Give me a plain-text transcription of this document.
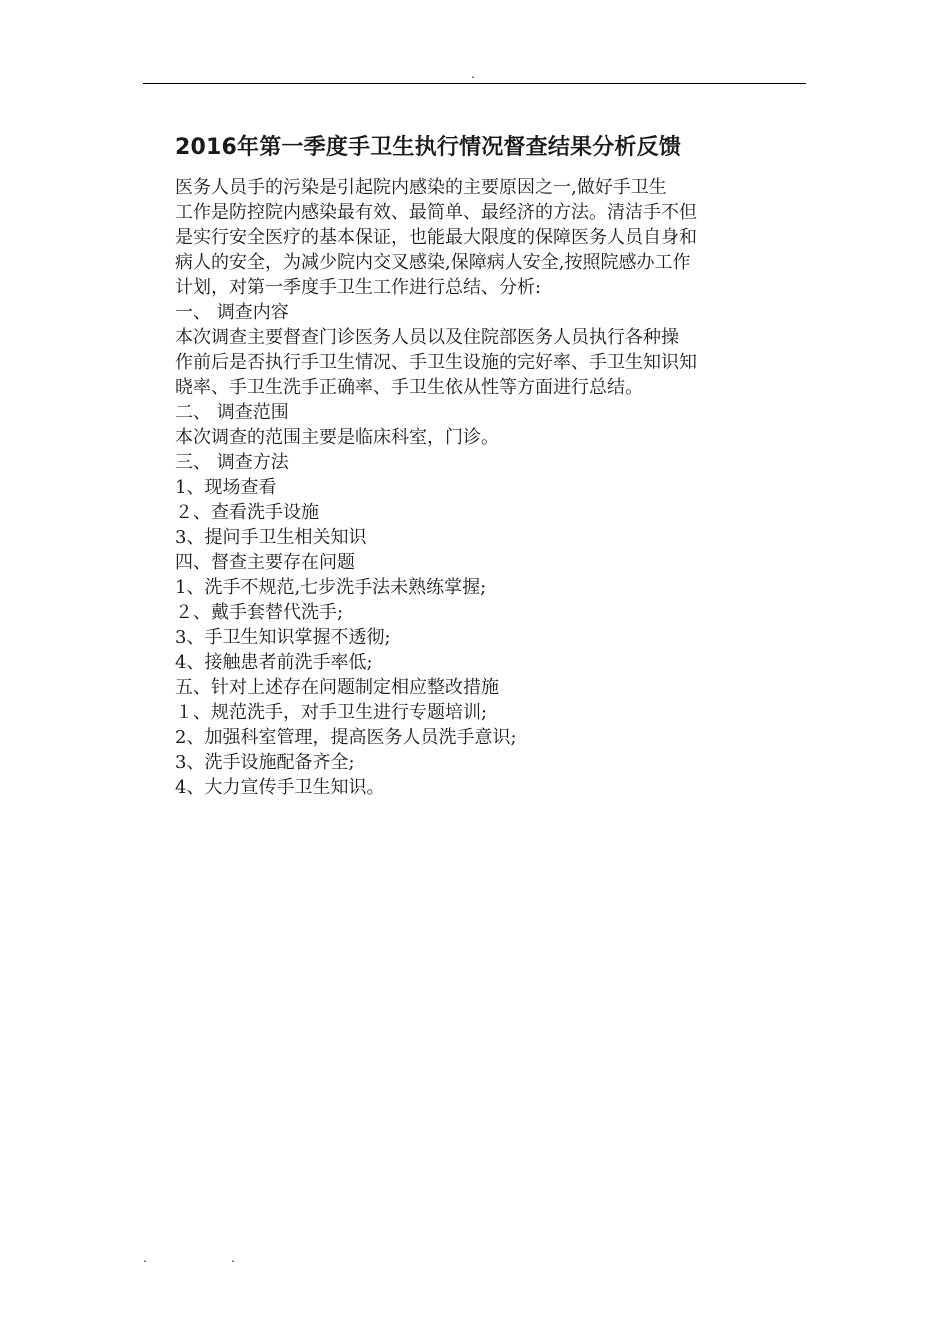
.
2016年第一季度手卫生执行情况督查结果分析反馈

医务人员手的污染是引起院内感染的主要原因之一,做好手卫生

工作是防控院内感染最有效、最简单、最经济的方法。清洁手不但

是实行安全医疗的基本保证，也能最大限度的保障医务人员自身和

病人的安全，为减少院内交叉感染,保障病人安全,按照院感办工作

计划，对第一季度手卫生工作进行总结、分析:

一、 调查内容

本次调查主要督查门诊医务人员以及住院部医务人员执行各种操

作前后是否执行手卫生情况、手卫生设施的完好率、手卫生知识知

晓率、手卫生洗手正确率、手卫生依从性等方面进行总结。

二、 调查范围

本次调查的范围主要是临床科室，门诊。

三、 调查方法

1、现场查看

２、查看洗手设施

3、提问手卫生相关知识

四、督查主要存在问题

1、洗手不规范,七步洗手法未熟练掌握;

２、戴手套替代洗手;

3、手卫生知识掌握不透彻;

4、接触患者前洗手率低;

五、针对上述存在问题制定相应整改措施

１、规范洗手，对手卫生进行专题培训;

2、加强科室管理，提高医务人员洗手意识;

3、洗手设施配备齐全;

4、大力宣传手卫生知识。

.	.
